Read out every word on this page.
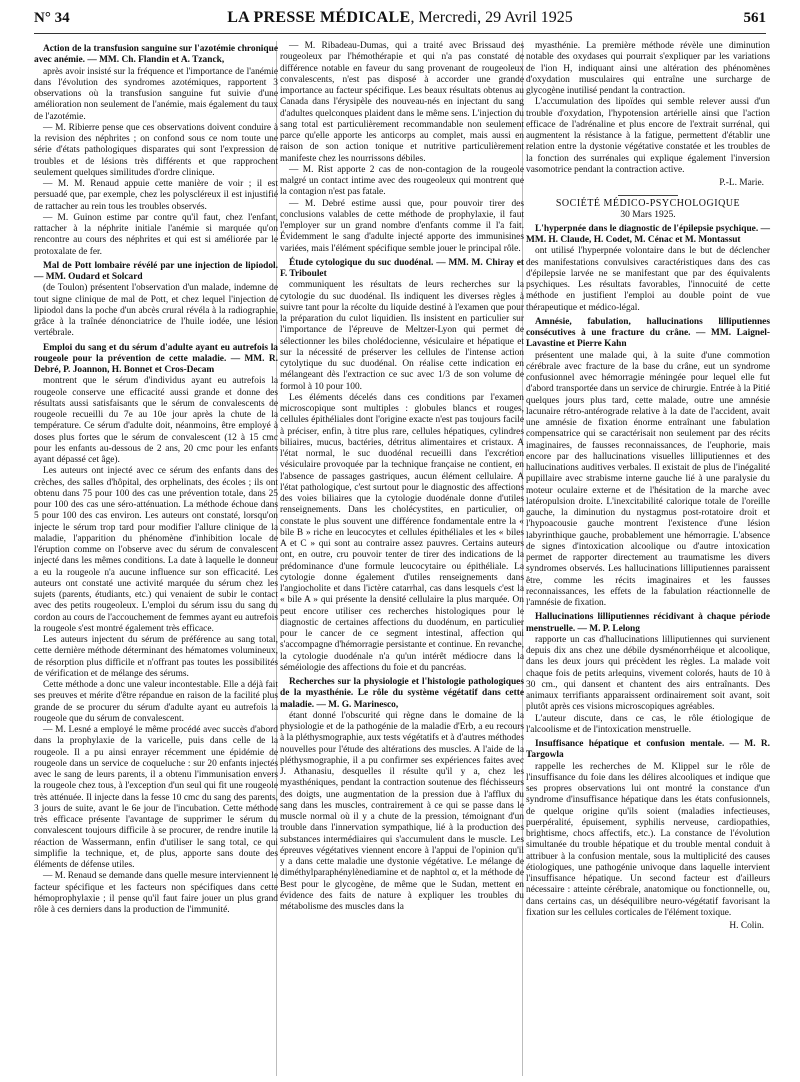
N° 34	LA PRESSE MÉDICALE, Mercredi, 29 Avril 1925	561

Action de la transfusion sanguine sur l'azotémie chronique avec anémie. — MM. Ch. Flandin et A. Tzanck,

après avoir insisté sur la fréquence et l'importance de l'anémie dans l'évolution des syndromes azotémiques, rapportent 3 observations où la transfusion sanguine fut suivie d'une amélioration non seulement de l'anémie, mais également du taux de l'azotémie.

— M. Ribierre pense que ces observations doivent conduire à la revision des néphrites ; on confond sous ce nom toute une série d'états pathologiques disparates qui sont l'expression de troubles et de lésions très différents et que rapprochent seulement quelques similitudes d'ordre clinique.

— M. M. Renaud appuie cette manière de voir ; il est persuadé que, par exemple, chez les polyscléreux il est injustifié de rattacher au rein tous les troubles observés.

— M. Guinon estime par contre qu'il faut, chez l'enfant, rattacher à la néphrite initiale l'anémie si marquée qu'on rencontre au cours des néphrites et qui est si améliorée par le protoxalate de fer.

Mal de Pott lombaire révélé par une injection de lipiodol. — MM. Oudard et Solcard

(de Toulon) présentent l'observation d'un malade, indemne de tout signe clinique de mal de Pott, et chez lequel l'injection de lipiodol dans la poche d'un abcès crural révéla à la radiographie, grâce à la traînée dénonciatrice de l'huile iodée, une lésion vertébrale.

Emploi du sang et du sérum d'adulte ayant eu autrefois la rougeole pour la prévention de cette maladie. — MM. R. Debré, P. Joannon, H. Bonnet et Cros-Decam

montrent que le sérum d'individus ayant eu autrefois la rougeole conserve une efficacité aussi grande et donne des résultats aussi satisfaisants que le sérum de convalescents de rougeole recueilli du 7e au 10e jour après la chute de la température. Ce sérum d'adulte doit, néanmoins, être employé à doses plus fortes que le sérum de convalescent (12 à 15 cmc pour les enfants au-dessous de 2 ans, 20 cmc pour les enfants ayant dépassé cet âge).

Les auteurs ont injecté avec ce sérum des enfants dans des crèches, des salles d'hôpital, des orphelinats, des écoles ; ils ont obtenu dans 75 pour 100 des cas une prévention totale, dans 25 pour 100 des cas une séro-atténuation. La méthode échoue dans 5 pour 100 des cas environ. Les auteurs ont constaté, lorsqu'on injecte le sérum trop tard pour modifier l'allure clinique de la maladie, l'apparition du phénomène d'inhibition locale de l'éruption comme on l'observe avec du sérum de convalescent injecté dans les mêmes conditions. La date à laquelle le donneur a eu la rougeole n'a aucune influence sur son efficacité. Les auteurs ont constaté une activité marquée du sérum chez les sujets (parents, étudiants, etc.) qui venaient de subir le contact avec des petits rougeoleux. L'emploi du sérum issu du sang du cordon au cours de l'accouchement de femmes ayant eu autrefois la rougeole s'est montré également très efficace.

Les auteurs injectent du sérum de préférence au sang total, cette dernière méthode déterminant des hématomes volumineux, de résorption plus difficile et n'offrant pas toutes les possibilités de vérification et de mélange des sérums.

Cette méthode a donc une valeur incontestable. Elle a déjà fait ses preuves et mérite d'être répandue en raison de la facilité plus grande de se procurer du sérum d'adulte ayant eu autrefois la rougeole que du sérum de convalescent.

— M. Lesné a employé le même procédé avec succès d'abord dans la prophylaxie de la varicelle, puis dans celle de la rougeole. Il a pu ainsi enrayer récemment une épidémie de rougeole dans un service de coqueluche : sur 20 enfants injectés avec le sang de leurs parents, il a obtenu l'immunisation envers la rougeole chez tous, à l'exception d'un seul qui fit une rougeole très atténuée. Il injecte dans la fesse 10 cmc du sang des parents, 3 jours de suite, avant le 6e jour de l'incubation. Cette méthode très efficace présente l'avantage de supprimer le sérum du convalescent toujours difficile à se procurer, de rendre inutile la réaction de Wassermann, enfin d'utiliser le sang total, ce qui simplifie la technique, et, de plus, apporte sans doute des éléments de défense utiles.

— M. Renaud se demande dans quelle mesure interviennent le facteur spécifique et les facteurs non spécifiques dans cette hémoprophylaxie ; il pense qu'il faut faire jouer un plus grand rôle à ces derniers dans la production de l'immunité.

— M. Ribadeau-Dumas, qui a traité avec Brissaud des rougeoleux par l'hémothérapie et qui n'a pas constaté de différence notable en faveur du sang provenant de rougeoleux convalescents, n'est pas disposé à accorder une grande importance au facteur spécifique. Les beaux résultats obtenus au Canada dans l'érysipèle des nouveau-nés en injectant du sang d'adultes quelconques plaident dans le même sens. L'injection du sang total est particulièrement recommandable non seulement parce qu'elle apporte les anticorps au complet, mais aussi en raison de son action tonique et nutritive particulièrement manifeste chez les nourrissons débiles.

— M. Rist apporte 2 cas de non-contagion de la rougeole malgré un contact intime avec des rougeoleux qui montrent que la contagion n'est pas fatale.

— M. Debré estime aussi que, pour pouvoir tirer des conclusions valables de cette méthode de prophylaxie, il faut l'employer sur un grand nombre d'enfants comme il l'a fait. Évidemment le sang d'adulte injecté apporte des immunisines variées, mais l'élément spécifique semble jouer le principal rôle.

Étude cytologique du suc duodénal. — MM. M. Chiray et F. Triboulet

communiquent les résultats de leurs recherches sur la cytologie du suc duodénal. Ils indiquent les diverses règles à suivre tant pour la récolte du liquide destiné à l'examen que pour la préparation du culot liquidien. Ils insistent en particulier sur l'importance de l'épreuve de Meltzer-Lyon qui permet de sélectionner les biles cholédocienne, vésiculaire et hépatique et sur la nécessité de préserver les cellules de l'intense action cytolytique du suc duodénal. On réalise cette indication en mélangeant dès l'extraction ce suc avec 1/3 de son volume de formol à 10 pour 100.

Les éléments décelés dans ces conditions par l'examen microscopique sont multiples : globules blancs et rouges, cellules épithéliales dont l'origine exacte n'est pas toujours facile à préciser, enfin, à titre plus rare, cellules hépatiques, cylindres biliaires, mucus, bactéries, détritus alimentaires et cristaux. A l'état normal, le suc duodénal recueilli dans l'excrétion vésiculaire provoquée par la technique française ne contient, en l'absence de passages gastriques, aucun élément cellulaire. A l'état pathologique, c'est surtout pour le diagnostic des affections des voies biliaires que la cytologie duodénale donne d'utiles renseignements. Dans les cholécystites, en particulier, on constate le plus souvent une différence fondamentale entre la « bile B » riche en leucocytes et cellules épithéliales et les « biles A et C » qui sont au contraire assez pauvres. Certains auteurs ont, en outre, cru pouvoir tenter de tirer des indications de la prédominance d'une formule leucocytaire ou épithéliale. La cytologie donne également d'utiles renseignements dans l'angiocholite et dans l'ictère catarrhal, cas dans lesquels c'est la « bile A » qui présente la densité cellulaire la plus marquée. On peut encore utiliser ces recherches histologiques pour le diagnostic de certaines affections du duodénum, en particulier pour le cancer de ce segment intestinal, affection qui s'accompagne d'hémorragie persistante et continue. En revanche, la cytologie duodénale n'a qu'un intérêt médiocre dans la séméiologie des affections du foie et du pancréas.

Recherches sur la physiologie et l'histologie pathologiques de la myasthénie. Le rôle du système végétatif dans cette maladie. — M. G. Marinesco,

étant donné l'obscurité qui règne dans le domaine de la physiologie et de la pathogénie de la maladie d'Erb, a eu recours à la pléthysmographie, aux tests végétatifs et à d'autres méthodes nouvelles pour l'étude des altérations des muscles. A l'aide de la pléthysmographie, il a pu confirmer ses expériences faites avec J. Athanasiu, desquelles il résulte qu'il y a, chez les myasthéniques, pendant la contraction soutenue des fléchisseurs des doigts, une augmentation de la pression due à l'afflux du sang dans les muscles, contrairement à ce qui se passe dans le muscle normal où il y a chute de la pression, témoignant d'un trouble dans l'innervation sympathique, lié à la production des substances intermédiaires qui s'accumulent dans le muscle. Les épreuves végétatives viennent encore à l'appui de l'opinion qu'il y a dans cette maladie une dystonie végétative. Le mélange de diméthylparaphénylènediamine et de naphtol α, et la méthode de Best pour le glycogène, de même que le Sudan, mettent en évidence des faits de nature à expliquer les troubles du métabolisme des muscles dans la

myasthénie. La première méthode révèle une diminution notable des oxydases qui pourrait s'expliquer par les variations de l'ion H, indiquant ainsi une altération des phénomènes d'oxydation musculaires qui entraîne une surcharge de glycogène inutilisé pendant la contraction.

L'accumulation des lipoïdes qui semble relever aussi d'un trouble d'oxydation, l'hypotension artérielle ainsi que l'action efficace de l'adrénaline et plus encore de l'extrait surrénal, qui augmentent la résistance à la fatigue, permettent d'établir une relation entre la dystonie végétative constatée et les troubles de la fonction des surrénales qui explique également l'inversion vasomotrice pendant la contraction active.

P.-L. Marie.

SOCIÉTÉ MÉDICO-PSYCHOLOGIQUE

30 Mars 1925.

L'hyperpnée dans le diagnostic de l'épilepsie psychique. — MM. H. Claude, H. Codet, M. Cénac et M. Montassut

ont utilisé l'hyperpnée volontaire dans le but de déclencher des manifestations convulsives caractéristiques dans des cas d'épilepsie larvée ne se manifestant que par des équivalents psychiques. Les résultats favorables, l'innocuité de cette méthode en justifient l'emploi au double point de vue thérapeutique et médico-légal.

Amnésie, fabulation, hallucinations lilliputiennes consécutives à une fracture du crâne. — MM. Laignel-Lavastine et Pierre Kahn

présentent une malade qui, à la suite d'une commotion cérébrale avec fracture de la base du crâne, eut un syndrome confusionnel avec hémorragie méningée pour lequel elle fut d'abord transportée dans un service de chirurgie. Entrée à la Pitié quelques jours plus tard, cette malade, outre une amnésie lacunaire rétro-antérograde relative à la date de l'accident, avait une amnésie de fixation énorme entraînant une fabulation compensatrice qui se caractérisait non seulement par des récits imaginaires, de fausses reconnaissances, de l'euphorie, mais encore par des hallucinations visuelles lilliputiennes et des hallucinations auditives verbales. Il existait de plus de l'inégalité pupillaire avec strabisme interne gauche lié à une paralysie du moteur oculaire externe et de l'hésitation de la marche avec latéropulsion droite. L'inexcitabilité calorique totale de l'oreille gauche, la diminution du nystagmus post-rotatoire droit et l'hypoacousie gauche montrent l'existence d'une lésion labyrinthique gauche, probablement une hémorragie. L'absence de signes d'intoxication alcoolique ou d'autre intoxication permet de rapporter directement au traumatisme les divers syndromes observés. Les hallucinations lilliputiennes paraissent être, comme les récits imaginaires et les fausses reconnaissances, les effets de la fabulation réactionnelle de l'amnésie de fixation.

Hallucinations lilliputiennes récidivant à chaque période menstruelle. — M. P. Lelong

rapporte un cas d'hallucinations lilliputiennes qui survienent depuis dix ans chez une débile dysménorrhéique et alcoolique, dans les deux jours qui précèdent les règles. La malade voit chaque fois de petits arlequins, vivement colorés, hauts de 10 à 30 cm., qui dansent et chantent des airs entraînants. Des animaux terrifiants apparaissent ordinairement soit avant, soit plutôt après ces visions microscopiques agréables.

L'auteur discute, dans ce cas, le rôle étiologique de l'alcoolisme et de l'intoxication menstruelle.

Insuffisance hépatique et confusion mentale. — M. R. Targowla

rappelle les recherches de M. Klippel sur le rôle de l'insuffisance du foie dans les délires alcooliques et indique que ses propres observations lui ont montré la constance d'un syndrome d'insuffisance hépatique dans les états confusionnels, de quelque origine qu'ils soient (maladies infectieuses, puerpéralité, épuisement, syphilis nerveuse, cardiopathies, brightisme, chocs affectifs, etc.). La constance de l'évolution simultanée du trouble hépatique et du trouble mental conduit à attribuer à la confusion mentale, sous la multiplicité des causes étiologiques, une pathogénie univoque dans laquelle intervient l'insuffisance hépatique. Un second facteur est d'ailleurs nécessaire : atteinte cérébrale, anatomique ou fonctionnelle, ou, dans certains cas, un déséquilibre neuro-végétatif favorisant la fixation sur les cellules corticales de l'élément toxique.

H. Colin.
